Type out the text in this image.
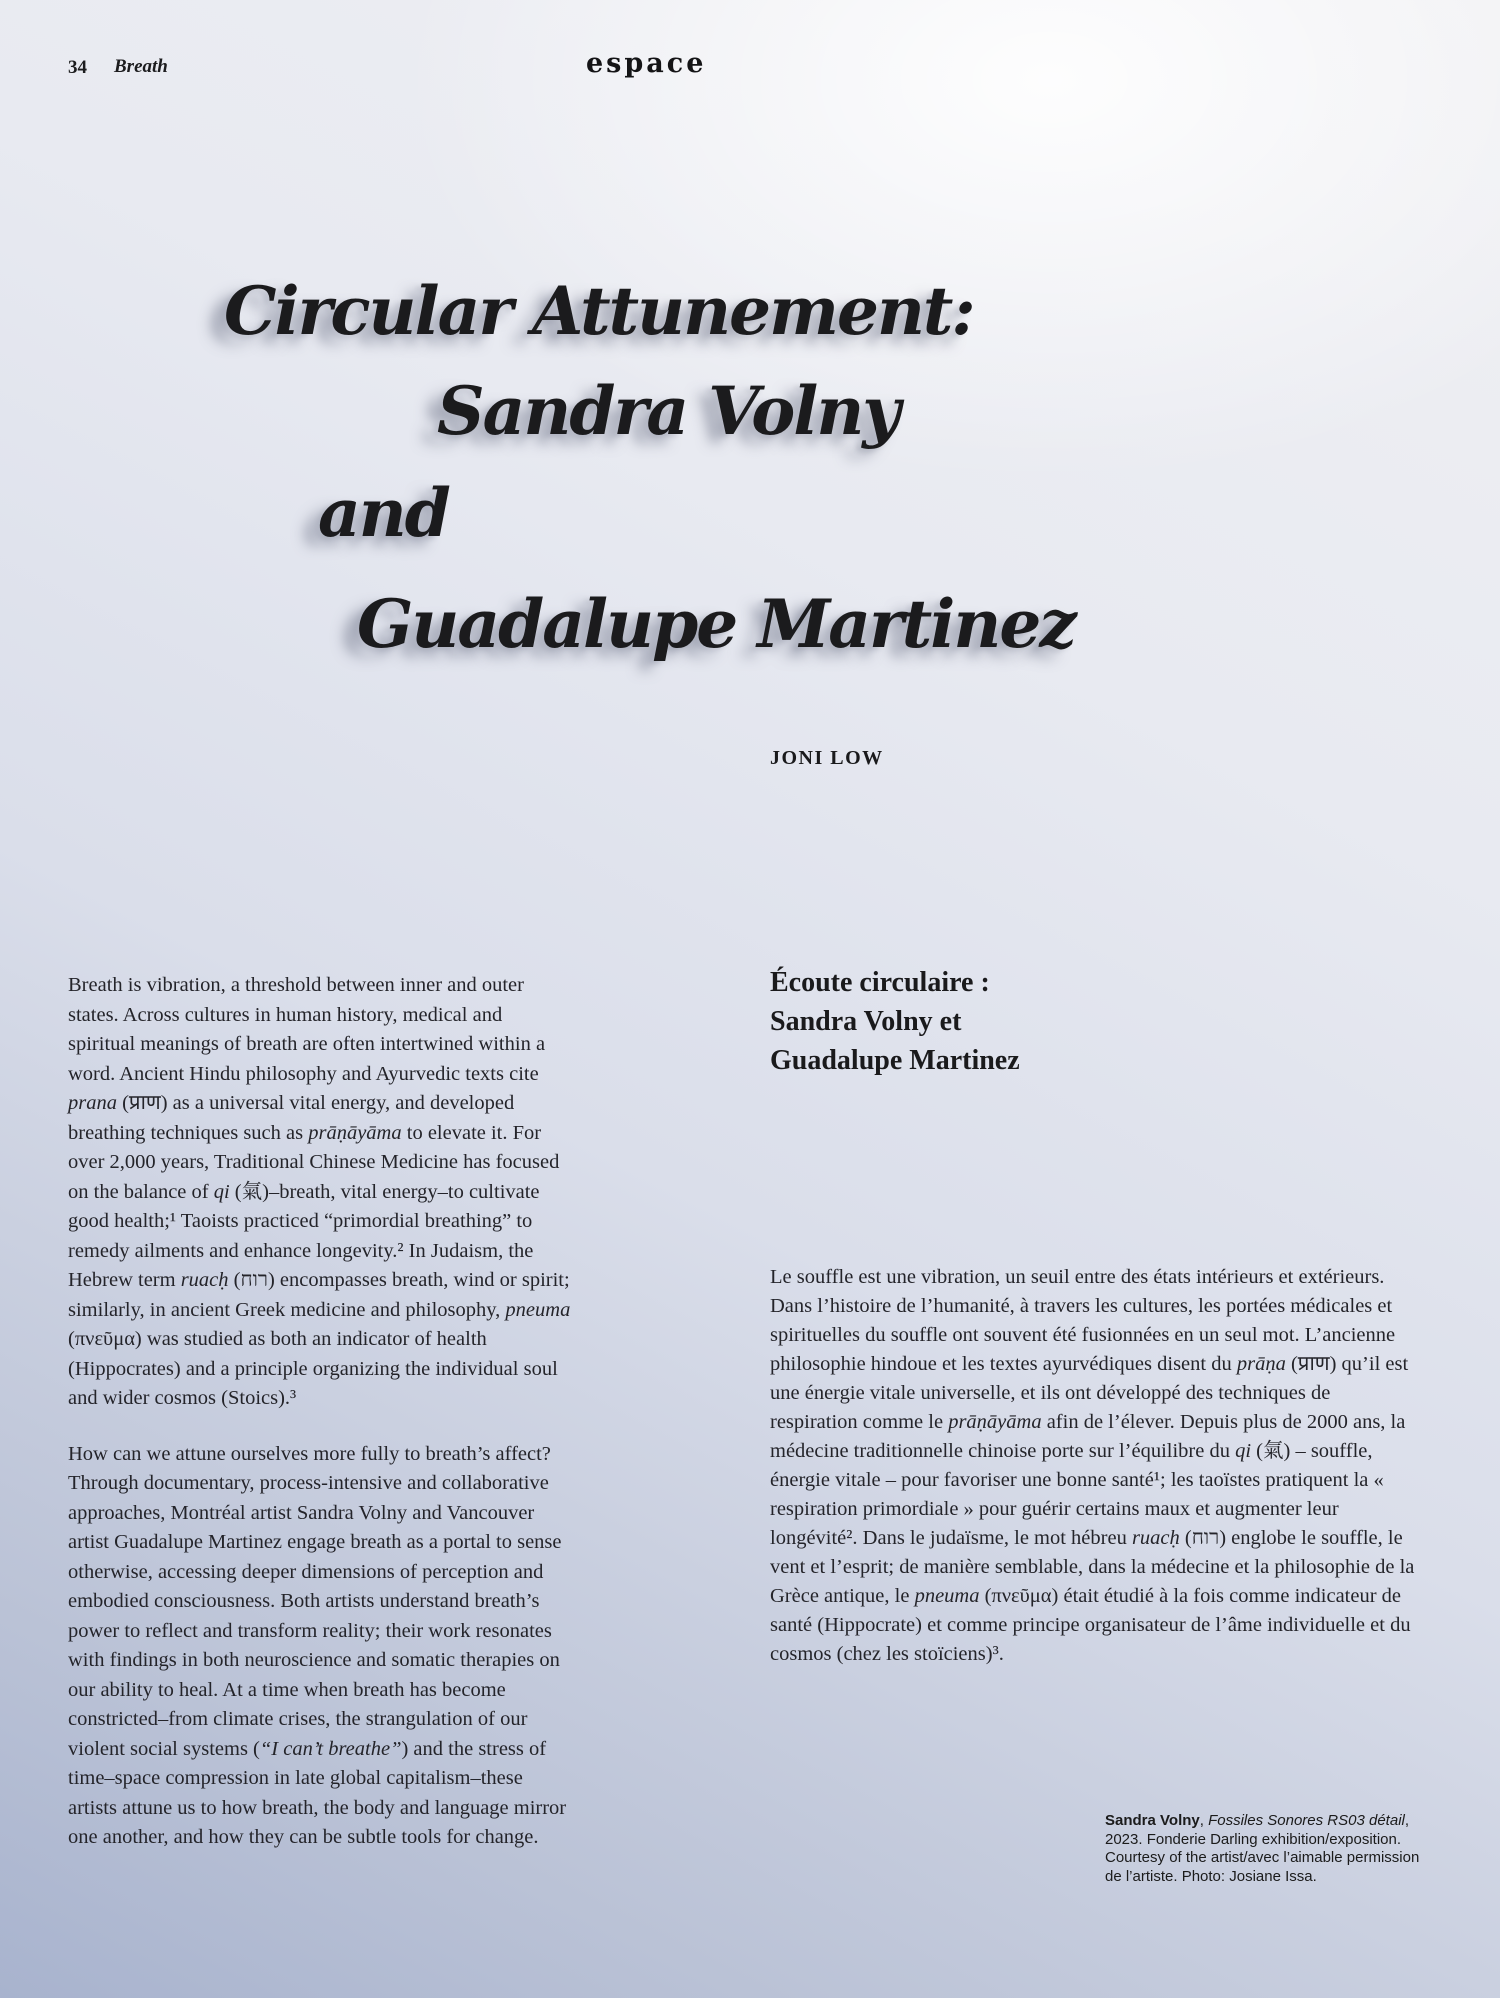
34 Breath	espace
Circular Attunement:
Sandra Volny
and
Guadalupe Martinez
JONI LOW

Breath is vibration, a threshold between inner and outer states. Across cultures in human history, medical and spiritual meanings of breath are often intertwined within a word. Ancient Hindu philosophy and Ayurvedic texts cite prana (प्राण) as a universal vital energy, and developed breathing techniques such as prāṇāyāma to elevate it. For over 2,000 years, Traditional Chinese Medicine has focused on the balance of qi (氣)–breath, vital energy–to cultivate good health;¹ Taoists practiced “primordial breathing” to remedy ailments and enhance longevity.² In Judaism, the Hebrew term ruacḥ (רוח) encompasses breath, wind or spirit; similarly, in ancient Greek medicine and philosophy, pneuma (πνεῦμα) was studied as both an indicator of health (Hippocrates) and a principle organizing the individual soul and wider cosmos (Stoics).³

How can we attune ourselves more fully to breath’s affect? Through documentary, process-intensive and collaborative approaches, Montréal artist Sandra Volny and Vancouver artist Guadalupe Martinez engage breath as a portal to sense otherwise, accessing deeper dimensions of perception and embodied consciousness. Both artists understand breath’s power to reflect and transform reality; their work resonates with findings in both neuroscience and somatic therapies on our ability to heal. At a time when breath has become constricted–from climate crises, the strangulation of our violent social systems (“I can’t breathe”) and the stress of time–space compression in late global capitalism–these artists attune us to how breath, the body and language mirror one another, and how they can be subtle tools for change.

Écoute circulaire :
Sandra Volny et
Guadalupe Martinez

Le souffle est une vibration, un seuil entre des états intérieurs et extérieurs. Dans l’histoire de l’humanité, à travers les cultures, les portées médicales et spirituelles du souffle ont souvent été fusionnées en un seul mot. L’ancienne philosophie hindoue et les textes ayurvédiques disent du prāṇa (प्राण) qu’il est une énergie vitale universelle, et ils ont développé des techniques de respiration comme le prāṇāyāma afin de l’élever. Depuis plus de 2000 ans, la médecine traditionnelle chinoise porte sur l’équilibre du qi (氣) – souffle, énergie vitale – pour favoriser une bonne santé¹; les taoïstes pratiquent la « respiration primordiale » pour guérir certains maux et augmenter leur longévité². Dans le judaïsme, le mot hébreu ruacḥ (רוח) englobe le souffle, le vent et l’esprit; de manière semblable, dans la médecine et la philosophie de la Grèce antique, le pneuma (πνεῦμα) était étudié à la fois comme indicateur de santé (Hippocrate) et comme principe organisateur de l’âme individuelle et du cosmos (chez les stoïciens)³.

Sandra Volny, Fossiles Sonores RS03 détail, 2023. Fonderie Darling exhibition/exposition. Courtesy of the artist/avec l’aimable permission de l’artiste. Photo: Josiane Issa.
